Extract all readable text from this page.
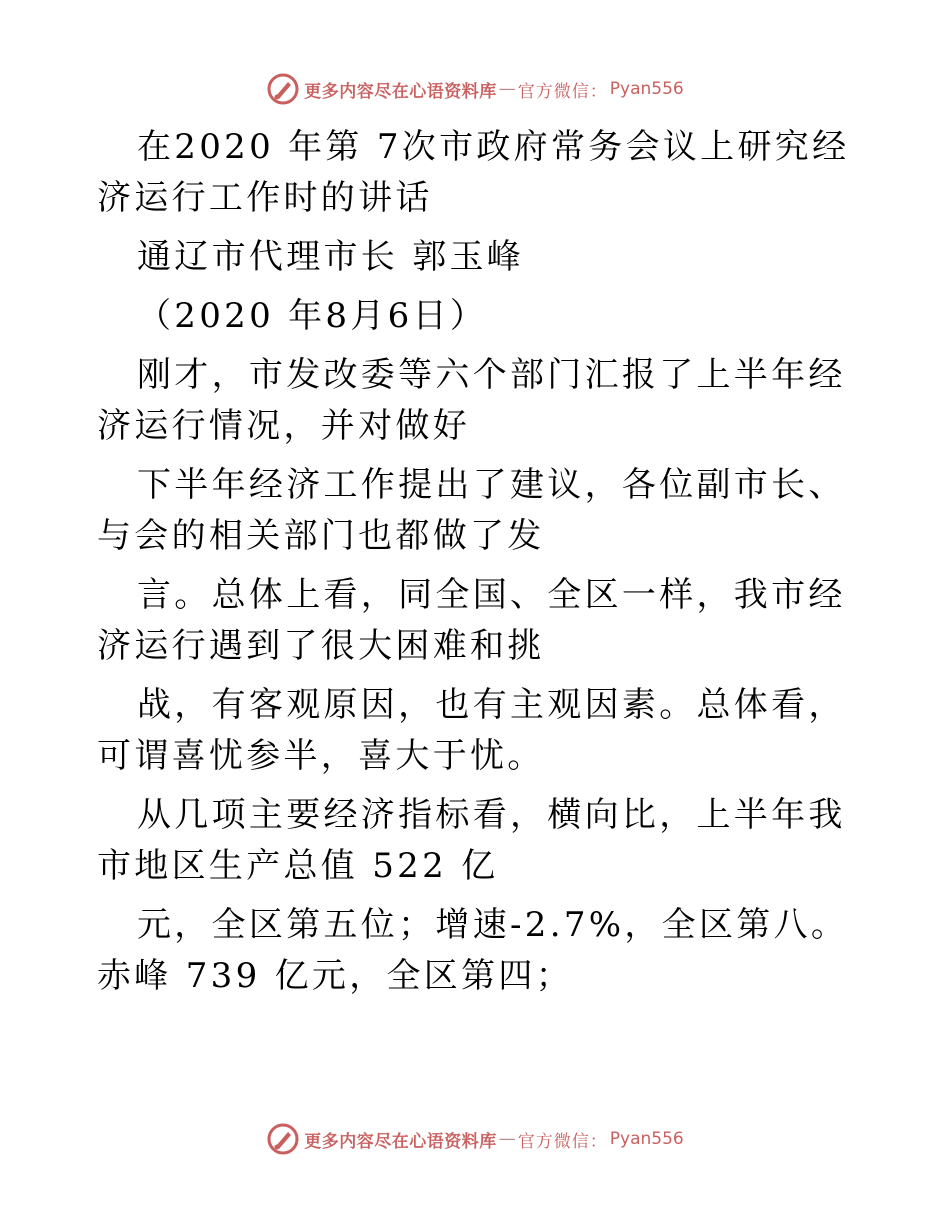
更多内容尽在心语资料库 — 官方微信： Pyan556

在2020 年第 7次市政府常务会议上研究经济运行工作时的讲话

通辽市代理市长 郭玉峰

（2020 年8月6日）

刚才，市发改委等六个部门汇报了上半年经济运行情况，并对做好

下半年经济工作提出了建议，各位副市长、与会的相关部门也都做了发

言。总体上看，同全国、全区一样，我市经济运行遇到了很大困难和挑

战，有客观原因，也有主观因素。总体看，可谓喜忧参半，喜大于忧。

从几项主要经济指标看，横向比，上半年我市地区生产总值 522 亿

元，全区第五位；增速-2.7%，全区第八。赤峰 739 亿元，全区第四；

更多内容尽在心语资料库 — 官方微信： Pyan556
